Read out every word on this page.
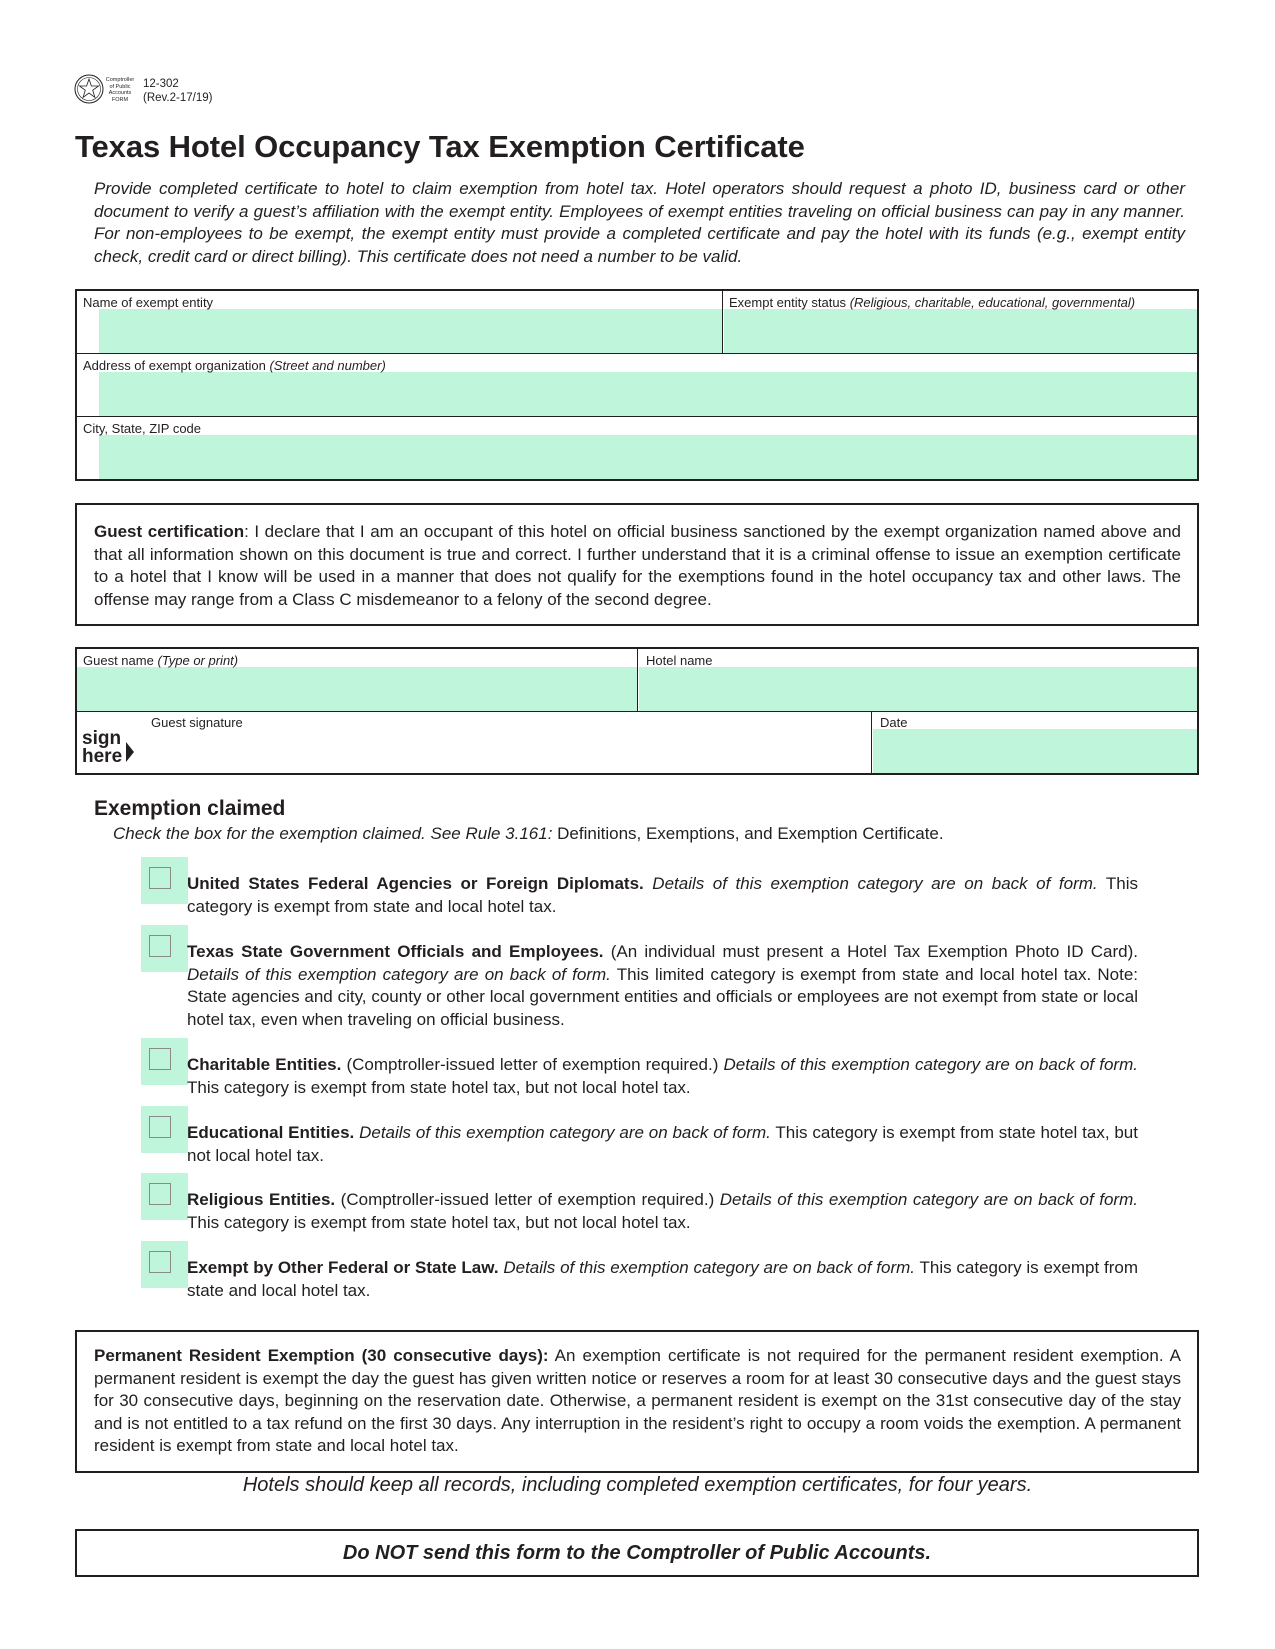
Comptroller
of Public
Accounts
FORM
12-302
(Rev.2-17/19)
Texas Hotel Occupancy Tax Exemption Certificate
Provide completed certificate to hotel to claim exemption from hotel tax. Hotel operators should request a photo ID, business card or other document to verify a guest’s affiliation with the exempt entity. Employees of exempt entities traveling on official business can pay in any manner. For non-employees to be exempt, the exempt entity must provide a completed certificate and pay the hotel with its funds (e.g., exempt entity check, credit card or direct billing). This certificate does not need a number to be valid.
Name of exempt entity	Exempt entity status (Religious, charitable, educational, governmental)
Address of exempt organization (Street and number)
City, State, ZIP code
Guest certification: I declare that I am an occupant of this hotel on official business sanctioned by the exempt organization named above and that all information shown on this document is true and correct. I further understand that it is a criminal offense to issue an exemption certificate to a hotel that I know will be used in a manner that does not qualify for the exemptions found in the hotel occupancy tax and other laws. The offense may range from a Class C misdemeanor to a felony of the second degree.
Guest name (Type or print)	Hotel name
Guest signature	Date
sign
here
Exemption claimed
Check the box for the exemption claimed. See Rule 3.161: Definitions, Exemptions, and Exemption Certificate.
United States Federal Agencies or Foreign Diplomats. Details of this exemption category are on back of form. This category is exempt from state and local hotel tax.
Texas State Government Officials and Employees. (An individual must present a Hotel Tax Exemption Photo ID Card). Details of this exemption category are on back of form. This limited category is exempt from state and local hotel tax. Note: State agencies and city, county or other local government entities and officials or employees are not exempt from state or local hotel tax, even when traveling on official business.
Charitable Entities. (Comptroller-issued letter of exemption required.) Details of this exemption category are on back of form. This category is exempt from state hotel tax, but not local hotel tax.
Educational Entities. Details of this exemption category are on back of form. This category is exempt from state hotel tax, but not local hotel tax.
Religious Entities. (Comptroller-issued letter of exemption required.) Details of this exemption category are on back of form. This category is exempt from state hotel tax, but not local hotel tax.
Exempt by Other Federal or State Law. Details of this exemption category are on back of form. This category is exempt from state and local hotel tax.
Permanent Resident Exemption (30 consecutive days): An exemption certificate is not required for the permanent resident exemption. A permanent resident is exempt the day the guest has given written notice or reserves a room for at least 30 consecutive days and the guest stays for 30 consecutive days, beginning on the reservation date. Otherwise, a permanent resident is exempt on the 31st consecutive day of the stay and is not entitled to a tax refund on the first 30 days. Any interruption in the resident’s right to occupy a room voids the exemption. A permanent resident is exempt from state and local hotel tax.
Hotels should keep all records, including completed exemption certificates, for four years.
Do NOT send this form to the Comptroller of Public Accounts.
